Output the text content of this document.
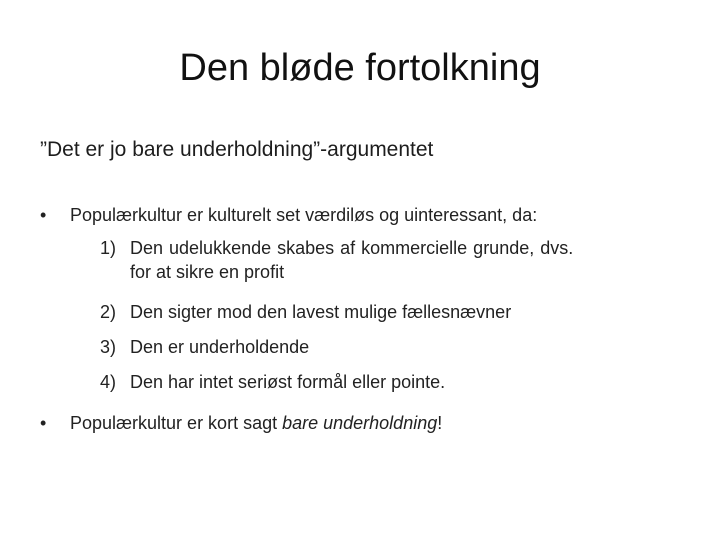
Den bløde fortolkning
”Det er jo bare underholdning”-argumentet
•	Populærkultur er kulturelt set værdiløs og uinteressant, da:
1) Den udelukkende skabes af kommercielle grunde, dvs.
for at sikre en profit
2) Den sigter mod den lavest mulige fællesnævner
3) Den er underholdende
4) Den har intet seriøst formål eller pointe.
•	Populærkultur er kort sagt bare underholdning!
